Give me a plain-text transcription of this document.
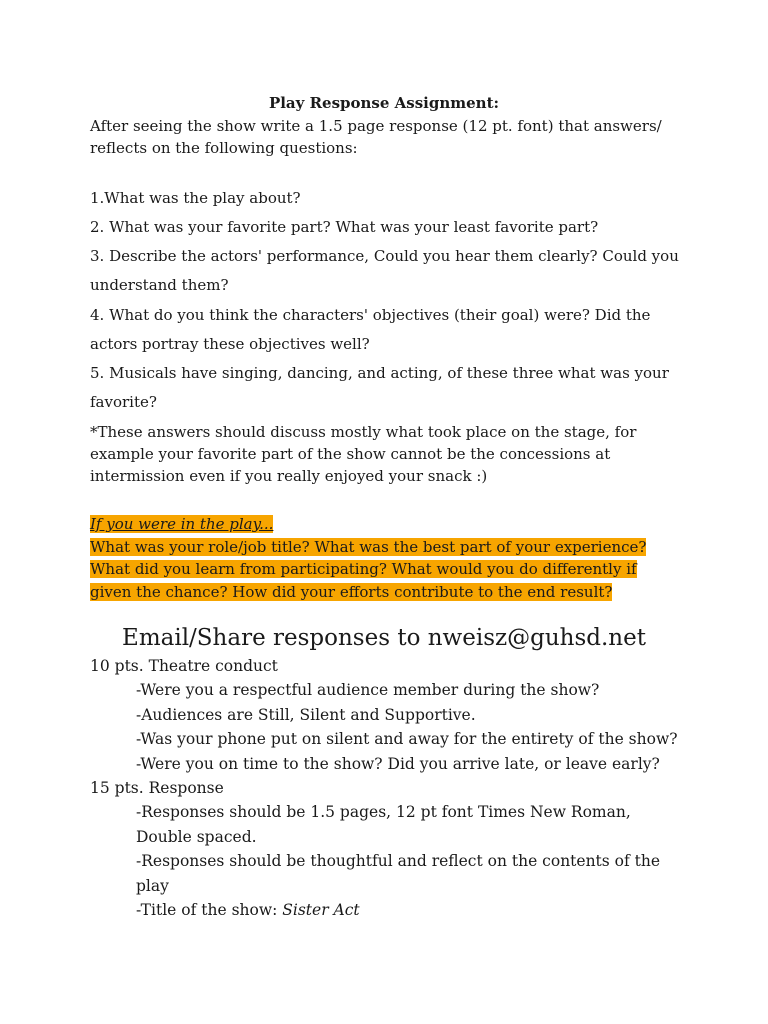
Play Response Assignment:
After seeing the show write a 1.5 page response (12 pt. font) that answers/ reflects on the following questions:
1.What was the play about?
2. What was your favorite part? What was your least favorite part?
3. Describe the actors' performance, Could you hear them clearly? Could you understand them?
4. What do you think the characters' objectives (their goal) were? Did the actors portray these objectives well?
5. Musicals have singing, dancing, and acting, of these three what was your favorite?
*These answers should discuss mostly what took place on the stage, for example your favorite part of the show cannot be the concessions at intermission even if you really enjoyed your snack :)
If you were in the play...
What was your role/job title? What was the best part of your experience? What did you learn from participating? What would you do differently if given the chance? How did your efforts contribute to the end result?
Email/Share responses to nweisz@guhsd.net
10 pts. Theatre conduct
-Were you a respectful audience member during the show?
-Audiences are Still, Silent and Supportive.
-Was your phone put on silent and away for the entirety of the show?
-Were you on time to the show? Did you arrive late, or leave early?
15 pts. Response
-Responses should be 1.5 pages, 12 pt font Times New Roman, Double spaced.
-Responses should be thoughtful and reflect on the contents of the play
-Title of the show: Sister Act
